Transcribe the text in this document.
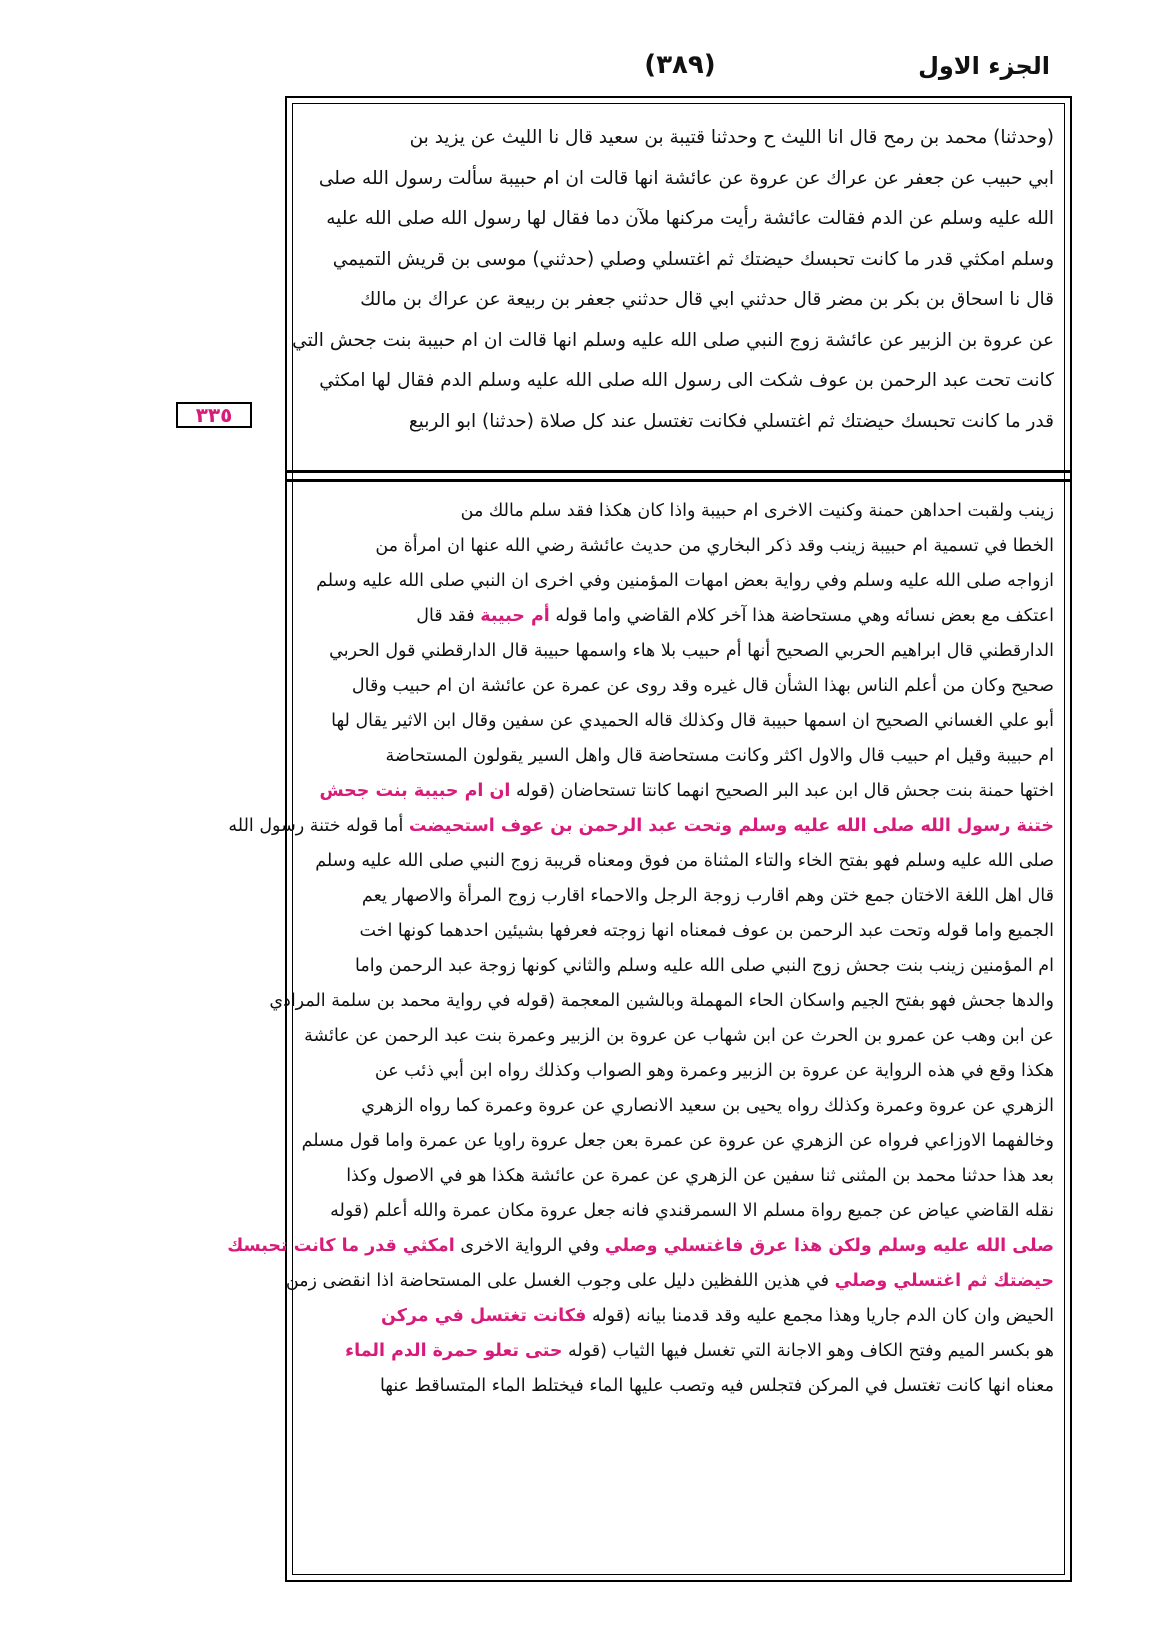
الجزء الاول
(٣٨٩)
٣٣٥
(وحدثنا) محمد بن رمح قال انا الليث ح وحدثنا قتيبة بن سعيد قال نا الليث عن يزيد بن
ابي حبيب عن جعفر عن عراك عن عروة عن عائشة انها قالت ان ام حبيبة سألت رسول الله صلى
الله عليه وسلم عن الدم فقالت عائشة رأيت مركنها ملآن دما فقال لها رسول الله صلى الله عليه
وسلم امكثي قدر ما كانت تحبسك حيضتك ثم اغتسلي وصلي (حدثني) موسى بن قريش التميمي
قال نا اسحاق بن بكر بن مضر قال حدثني ابي قال حدثني جعفر بن ربيعة عن عراك بن مالك
عن عروة بن الزبير عن عائشة زوج النبي صلى الله عليه وسلم انها قالت ان ام حبيبة بنت جحش التي
كانت تحت عبد الرحمن بن عوف شكت الى رسول الله صلى الله عليه وسلم الدم فقال لها امكثي
قدر ما كانت تحبسك حيضتك ثم اغتسلي فكانت تغتسل عند كل صلاة (حدثنا) ابو الربيع
زينب ولقبت احداهن حمنة وكنيت الاخرى ام حبيبة واذا كان هكذا فقد سلم مالك من
الخطا في تسمية ام حبيبة زينب وقد ذكر البخاري من حديث عائشة رضي الله عنها ان امرأة من
ازواجه صلى الله عليه وسلم وفي رواية بعض امهات المؤمنين وفي اخرى ان النبي صلى الله عليه وسلم
اعتكف مع بعض نسائه وهي مستحاضة هذا آخر كلام القاضي واما قوله أم حبيبة فقد قال
الدارقطني قال ابراهيم الحربي الصحيح أنها أم حبيب بلا هاء واسمها حبيبة قال الدارقطني قول الحربي
صحيح وكان من أعلم الناس بهذا الشأن قال غيره وقد روى عن عمرة عن عائشة ان ام حبيب وقال
أبو علي الغساني الصحيح ان اسمها حبيبة قال وكذلك قاله الحميدي عن سفين وقال ابن الاثير يقال لها
ام حبيبة وقيل ام حبيب قال والاول اكثر وكانت مستحاضة قال واهل السير يقولون المستحاضة
اختها حمنة بنت جحش قال ابن عبد البر الصحيح انهما كانتا تستحاضان (قوله ان ام حبيبة بنت جحش
ختنة رسول الله صلى الله عليه وسلم وتحت عبد الرحمن بن عوف استحيضت أما قوله ختنة رسول الله
صلى الله عليه وسلم فهو بفتح الخاء والتاء المثناة من فوق ومعناه قريبة زوج النبي صلى الله عليه وسلم
قال اهل اللغة الاختان جمع ختن وهم اقارب زوجة الرجل والاحماء اقارب زوج المرأة والاصهار يعم
الجميع واما قوله وتحت عبد الرحمن بن عوف فمعناه انها زوجته فعرفها بشيئين احدهما كونها اخت
ام المؤمنين زينب بنت جحش زوج النبي صلى الله عليه وسلم والثاني كونها زوجة عبد الرحمن واما
والدها جحش فهو بفتح الجيم واسكان الحاء المهملة وبالشين المعجمة (قوله في رواية محمد بن سلمة المرادي
عن ابن وهب عن عمرو بن الحرث عن ابن شهاب عن عروة بن الزبير وعمرة بنت عبد الرحمن عن عائشة
هكذا وقع في هذه الرواية عن عروة بن الزبير وعمرة وهو الصواب وكذلك رواه ابن أبي ذئب عن
الزهري عن عروة وعمرة وكذلك رواه يحيى بن سعيد الانصاري عن عروة وعمرة كما رواه الزهري
وخالفهما الاوزاعي فرواه عن الزهري عن عروة عن عمرة بعن جعل عروة راويا عن عمرة واما قول مسلم
بعد هذا حدثنا محمد بن المثنى ثنا سفين عن الزهري عن عمرة عن عائشة هكذا هو في الاصول وكذا
نقله القاضي عياض عن جميع رواة مسلم الا السمرقندي فانه جعل عروة مكان عمرة والله أعلم (قوله
صلى الله عليه وسلم ولكن هذا عرق فاغتسلي وصلي وفي الرواية الاخرى امكثي قدر ما كانت تحبسك
حيضتك ثم اغتسلي وصلي في هذين اللفظين دليل على وجوب الغسل على المستحاضة اذا انقضى زمن
الحيض وان كان الدم جاريا وهذا مجمع عليه وقد قدمنا بيانه (قوله فكانت تغتسل في مركن
هو بكسر الميم وفتح الكاف وهو الاجانة التي تغسل فيها الثياب (قوله حتى تعلو حمرة الدم الماء
معناه انها كانت تغتسل في المركن فتجلس فيه وتصب عليها الماء فيختلط الماء المتساقط عنها
